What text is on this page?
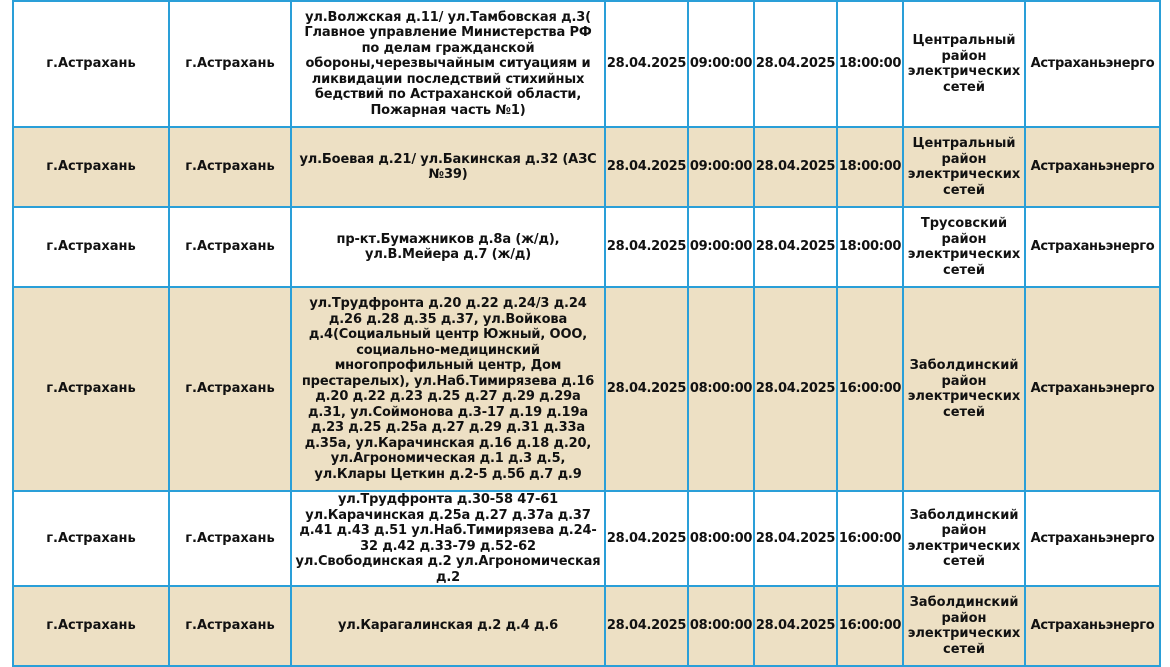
г.Астрахань	г.Астрахань	ул.Волжская д.11/ ул.Тамбовская д.3( Главное управление Министерства РФ по делам гражданской обороны,черезвычайным ситуациям и ликвидации последствий стихийных бедствий по Астраханской области, Пожарная часть №1)	28.04.2025	09:00:00	28.04.2025	18:00:00	Центральный район электрических сетей	Астраханьэнерго
г.Астрахань	г.Астрахань	ул.Боевая д.21/ ул.Бакинская д.32 (АЗС №39)	28.04.2025	09:00:00	28.04.2025	18:00:00	Центральный район электрических сетей	Астраханьэнерго
г.Астрахань	г.Астрахань	пр-кт.Бумажников д.8а (ж/д), ул.В.Мейера д.7 (ж/д)	28.04.2025	09:00:00	28.04.2025	18:00:00	Трусовский район электрических сетей	Астраханьэнерго
г.Астрахань	г.Астрахань	ул.Трудфронта д.20 д.22 д.24/3 д.24 д.26 д.28 д.35 д.37, ул.Войкова д.4(Социальный центр Южный, ООО, социально-медицинский многопрофильный центр, Дом престарелых), ул.Наб.Тимирязева д.16 д.20 д.22 д.23 д.25 д.27 д.29 д.29а д.31, ул.Соймонова д.3-17 д.19 д.19а д.23 д.25 д.25а д.27 д.29 д.31 д.33а д.35а, ул.Карачинская д.16 д.18 д.20, ул.Агрономическая д.1 д.3 д.5, ул.Клары Цеткин д.2-5 д.5б д.7 д.9	28.04.2025	08:00:00	28.04.2025	16:00:00	Заболдинский район электрических сетей	Астраханьэнерго
г.Астрахань	г.Астрахань	ул.Трудфронта д.30-58 47-61 ул.Карачинская д.25а д.27 д.37а д.37 д.41 д.43 д.51 ул.Наб.Тимирязева д.24-32 д.42 д.33-79 д.52-62 ул.Свободинская д.2 ул.Агрономическая д.2	28.04.2025	08:00:00	28.04.2025	16:00:00	Заболдинский район электрических сетей	Астраханьэнерго
г.Астрахань	г.Астрахань	ул.Карагалинская д.2 д.4 д.6	28.04.2025	08:00:00	28.04.2025	16:00:00	Заболдинский район электрических сетей	Астраханьэнерго
